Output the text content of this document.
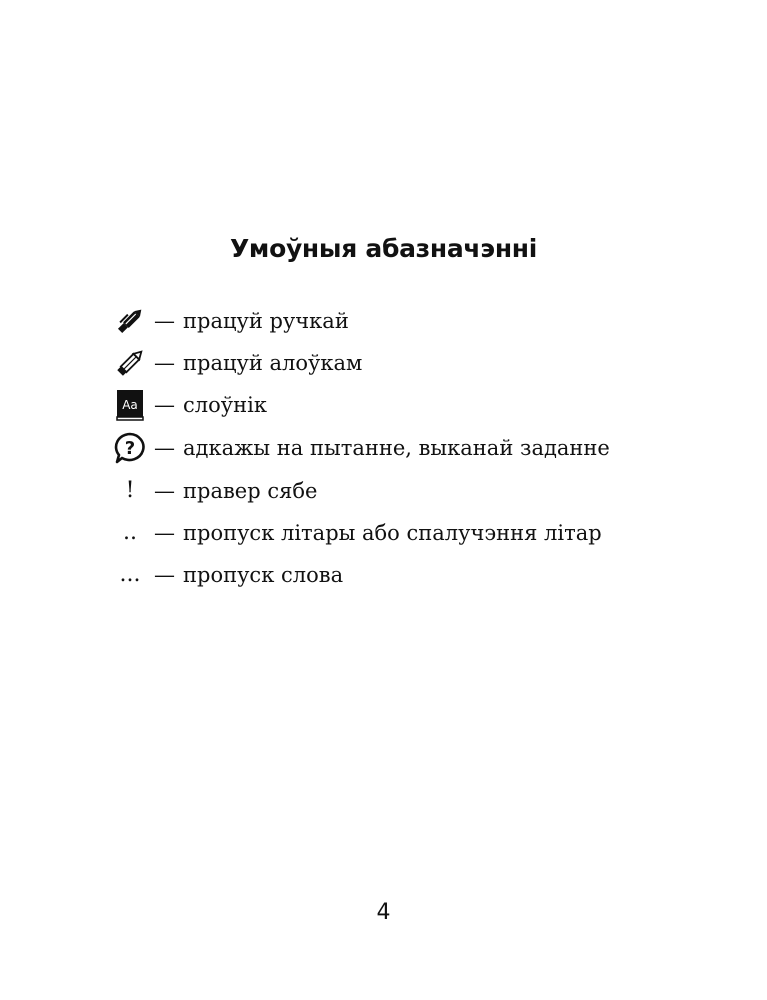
Умоўныя абазначэнні
— працуй ручкай
— працуй алоўкам
Aa — слоўнік
? — адкажы на пытанне, выканай заданне
! — правер сябе
.. — пропуск літары або спалучэння літар
... — пропуск слова
4
